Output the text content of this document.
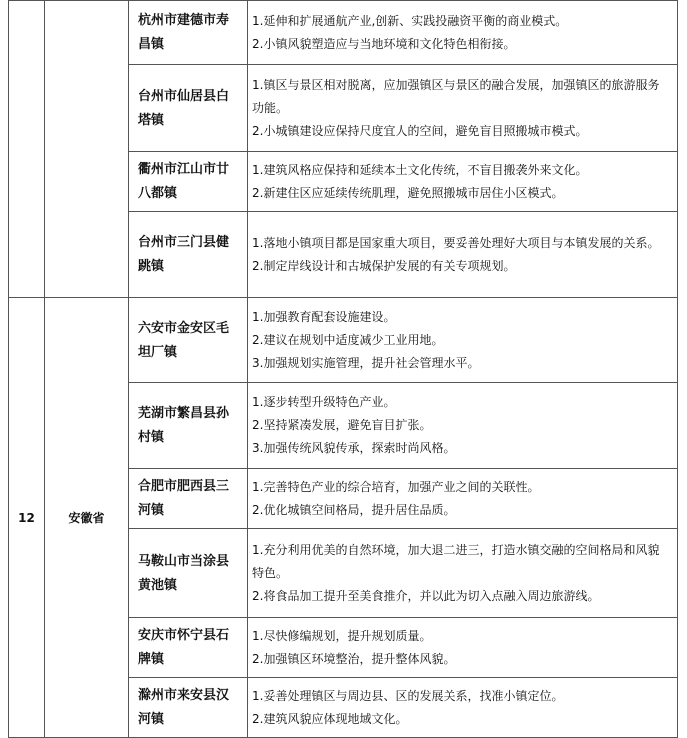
		杭州市建德市寿昌镇	1.延伸和扩展通航产业,创新、实践投融资平衡的商业模式。
2.小镇风貌塑造应与当地环境和文化特色相衔接。

		台州市仙居县白塔镇	1.镇区与景区相对脱离，应加强镇区与景区的融合发展，加强镇区的旅游服务功能。
2.小城镇建设应保持尺度宜人的空间，避免盲目照搬城市模式。

		衢州市江山市廿八都镇	1.建筑风格应保持和延续本土文化传统，不盲目搬袭外来文化。
2.新建住区应延续传统肌理，避免照搬城市居住小区模式。

		台州市三门县健跳镇	1.落地小镇项目都是国家重大项目，要妥善处理好大项目与本镇发展的关系。
2.制定岸线设计和古城保护发展的有关专项规划。

12	安徽省	六安市金安区毛坦厂镇	1.加强教育配套设施建设。
2.建议在规划中适度减少工业用地。
3.加强规划实施管理，提升社会管理水平。

		芜湖市繁昌县孙村镇	1.逐步转型升级特色产业。
2.坚持紧凑发展，避免盲目扩张。
3.加强传统风貌传承，探索时尚风格。

		合肥市肥西县三河镇	1.完善特色产业的综合培育，加强产业之间的关联性。
2.优化城镇空间格局，提升居住品质。

		马鞍山市当涂县黄池镇	1.充分利用优美的自然环境，加大退二进三，打造水镇交融的空间格局和风貌特色。
2.将食品加工提升至美食推介，并以此为切入点融入周边旅游线。

		安庆市怀宁县石牌镇	1.尽快修编规划，提升规划质量。
2.加强镇区环境整治，提升整体风貌。

		滁州市来安县汉河镇	1.妥善处理镇区与周边县、区的发展关系，找准小镇定位。
2.建筑风貌应体现地域文化。
